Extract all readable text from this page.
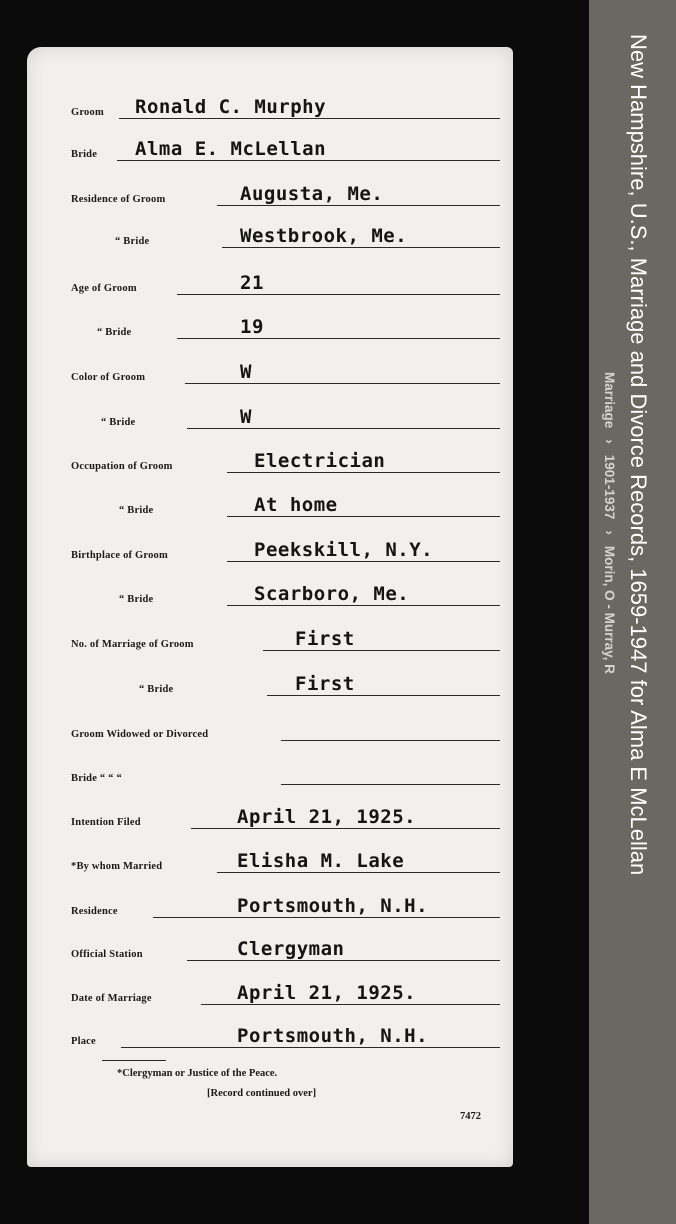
Groom Ronald C. Murphy
Bride Alma E. McLellan
Residence of Groom	Augusta, Me.
“ Bride	Westbrook, Me.
Age of Groom	21
“ Bride	19
Color of Groom	W
“ Bride	W
Occupation of Groom	Electrician
“ Bride	At home
Birthplace of Groom	Peekskill, N.Y.
“ Bride	Scarboro, Me.
No. of Marriage of Groom	First
“ Bride	First
Groom Widowed or Divorced
Bride “ “ “
Intention Filed	April 21, 1925.
*By whom Married	Elisha M. Lake
Residence	Portsmouth, N.H.
Official Station	Clergyman
Date of Marriage	April 21, 1925.
Place	Portsmouth, N.H.
*Clergyman or Justice of the Peace.
[Record continued over]
7472
New Hampshire, U.S., Marriage and Divorce Records, 1659-1947 for Alma E McLellan
Marriage›1901-1937›Morin, O - Murray, R
